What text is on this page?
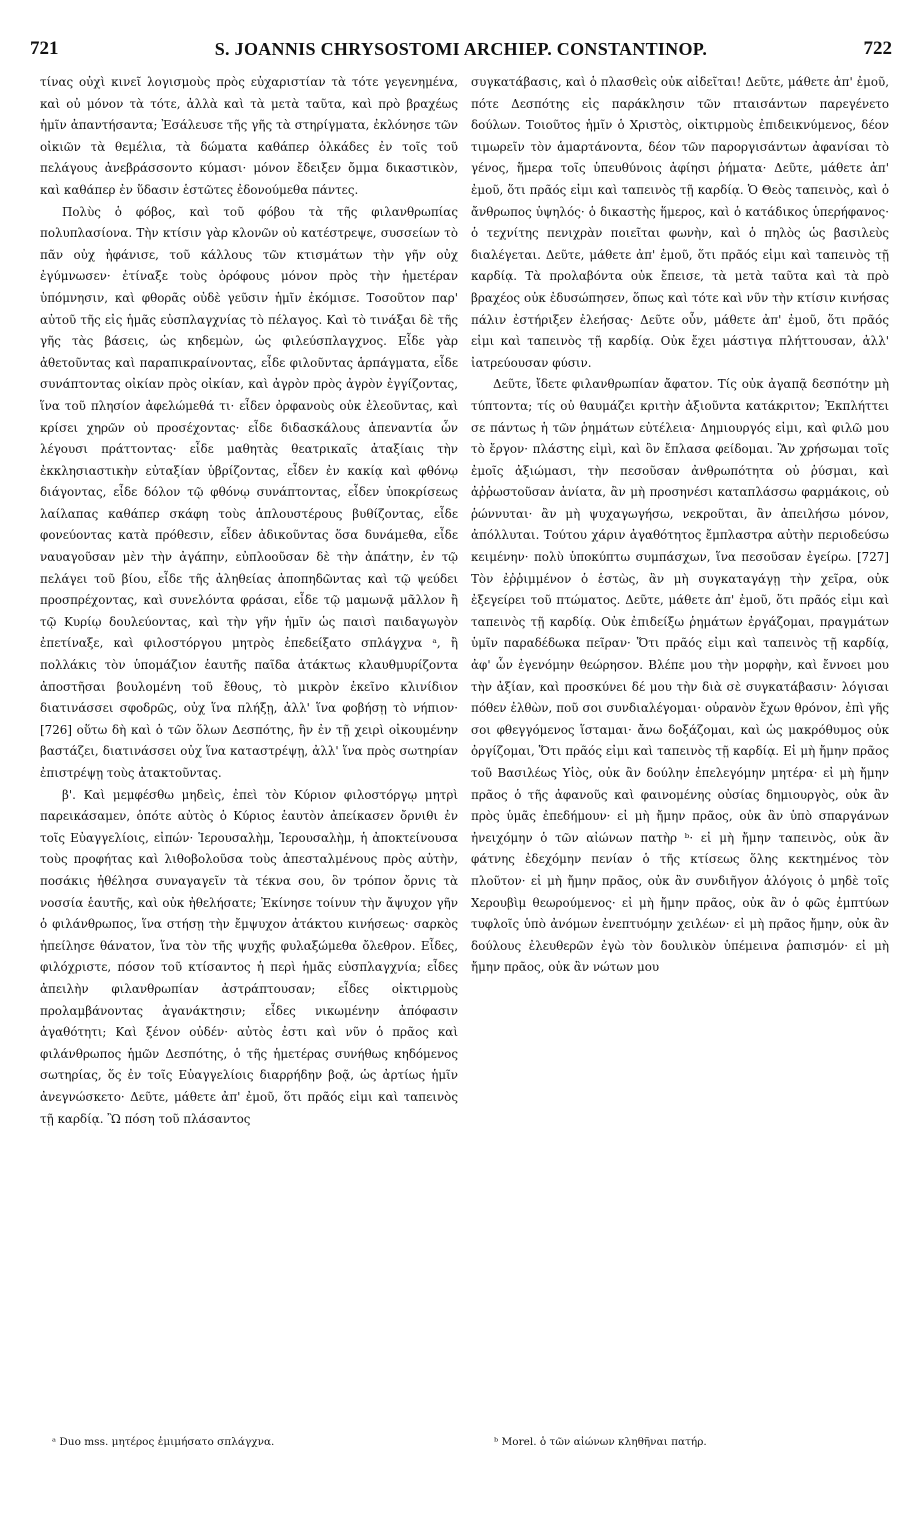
721	S. JOANNIS CHRYSOSTOMI ARCHIEP. CONSTANTINOP.	722

τίνας οὐχὶ κινεῖ λογισμοὺς πρὸς εὐχαριστίαν τὰ τότε γεγενημένα, καὶ οὐ μόνον τὰ τότε, ἀλλὰ καὶ τὰ μετὰ ταῦτα, καὶ πρὸ βραχέως ἡμῖν ἀπαντήσαντα; Ἐσάλευσε τῆς γῆς τὰ στηρίγματα, ἐκλόνησε τῶν οἰκιῶν τὰ θεμέλια, τὰ δώματα καθάπερ ὁλκάδες ἐν τοῖς τοῦ πελάγους ἀνεβράσσοντο κύμασι· μόνον ἔδειξεν ὄμμα δικαστικὸν, καὶ καθάπερ ἐν ὕδασιν ἑστῶτες ἐδονούμεθα πάντες.

Πολὺς ὁ φόβος, καὶ τοῦ φόβου τὰ τῆς φιλανθρωπίας πολυπλασίονα. Τὴν κτίσιν γὰρ κλονῶν οὐ κατέστρεψε, συσσείων τὸ πᾶν οὐχ ἠφάνισε, τοῦ κάλλους τῶν κτισμάτων τὴν γῆν οὐχ ἐγύμνωσεν· ἐτίναξε τοὺς ὀρόφους μόνον πρὸς τὴν ἡμετέραν ὑπόμνησιν, καὶ φθορᾶς οὐδὲ γεῦσιν ἡμῖν ἐκόμισε. Τοσοῦτον παρ' αὐτοῦ τῆς εἰς ἡμᾶς εὐσπλαγχνίας τὸ πέλαγος. Καὶ τὸ τινάξαι δὲ τῆς γῆς τὰς βάσεις, ὡς κηδεμὼν, ὡς φιλεύσπλαγχνος. Εἶδε γὰρ ἀθετοῦντας καὶ παραπικραίνοντας, εἶδε φιλοῦντας ἁρπάγματα, εἶδε συνάπτοντας οἰκίαν πρὸς οἰκίαν, καὶ ἀγρὸν πρὸς ἀγρὸν ἐγγίζοντας, ἵνα τοῦ πλησίον ἀφελώμεθά τι· εἶδεν ὀρφανοὺς οὐκ ἐλεοῦντας, καὶ κρίσει χηρῶν οὐ προσέχοντας· εἶδε διδασκάλους ἀπεναντία ὧν λέγουσι πράττοντας· εἶδε μαθητὰς θεατρικαῖς ἀταξίαις τὴν ἐκκλησιαστικὴν εὐταξίαν ὑβρίζοντας, εἶδεν ἐν κακίᾳ καὶ φθόνῳ διάγοντας, εἶδε δόλον τῷ φθόνῳ συνάπτοντας, εἶδεν ὑποκρίσεως λαίλαπας καθάπερ σκάφη τοὺς ἁπλουστέρους βυθίζοντας, εἶδε φονεύοντας κατὰ πρόθεσιν, εἶδεν ἀδικοῦντας ὅσα δυνάμεθα, εἶδε ναυαγοῦσαν μὲν τὴν ἀγάπην, εὐπλοοῦσαν δὲ τὴν ἀπάτην, ἐν τῷ πελάγει τοῦ βίου, εἶδε τῆς ἀληθείας ἀποπηδῶντας καὶ τῷ ψεύδει προσπρέχοντας, καὶ συνελόντα φράσαι, εἶδε τῷ μαμωνᾷ μᾶλλον ἢ τῷ Κυρίῳ δουλεύοντας, καὶ τὴν γῆν ἡμῖν ὡς παισὶ παιδαγωγὸν ἐπετίναξε, καὶ φιλοστόργου μητρὸς ἐπεδείξατο σπλάγχνα ᵃ, ἢ πολλάκις τὸν ὑπομάζιον ἑαυτῆς παῖδα ἀτάκτως κλαυθμυρίζοντα ἀποστῆσαι βουλομένη τοῦ ἔθους, τὸ μικρὸν ἐκεῖνο κλινίδιον διατινάσσει σφοδρῶς, οὐχ ἵνα πλήξῃ, ἀλλ' ἵνα φοβήσῃ τὸ νήπιον· [726] οὕτω δὴ καὶ ὁ τῶν ὅλων Δεσπότης, ἣν ἐν τῇ χειρὶ οἰκουμένην βαστάζει, διατινάσσει οὐχ ἵνα καταστρέψῃ, ἀλλ' ἵνα πρὸς σωτηρίαν ἐπιστρέψῃ τοὺς ἀτακτοῦντας.

β'. Καὶ μεμφέσθω μηδεὶς, ἐπεὶ τὸν Κύριον φιλοστόργῳ μητρὶ παρεικάσαμεν, ὁπότε αὐτὸς ὁ Κύριος ἑαυτὸν ἀπείκασεν ὄρνιθι ἐν τοῖς Εὐαγγελίοις, εἰπών· Ἱερουσαλὴμ, Ἱερουσαλὴμ, ἡ ἀποκτείνουσα τοὺς προφήτας καὶ λιθοβολοῦσα τοὺς ἀπεσταλμένους πρὸς αὐτὴν, ποσάκις ἠθέλησα συναγαγεῖν τὰ τέκνα σου, ὃν τρόπον ὄρνις τὰ νοσσία ἑαυτῆς, καὶ οὐκ ἠθελήσατε; Ἐκίνησε τοίνυν τὴν ἄψυχον γῆν ὁ φιλάνθρωπος, ἵνα στήσῃ τὴν ἔμψυχον ἀτάκτου κινήσεως· σαρκὸς ἠπείλησε θάνατον, ἵνα τὸν τῆς ψυχῆς φυλαξώμεθα ὄλεθρον. Εἶδες, φιλόχριστε, πόσον τοῦ κτίσαντος ἡ περὶ ἡμᾶς εὐσπλαγχνία; εἶδες ἀπειλὴν φιλανθρωπίαν ἀστράπτουσαν; εἶδες οἰκτιρμοὺς προλαμβάνοντας ἀγανάκτησιν; εἶδες νικωμένην ἀπόφασιν ἀγαθότητι; Καὶ ξένον οὐδέν· αὐτὸς ἐστι καὶ νῦν ὁ πρᾶος καὶ φιλάνθρωπος ἡμῶν Δεσπότης, ὁ τῆς ἡμετέρας συνήθως κηδόμενος σωτηρίας, ὅς ἐν τοῖς Εὐαγγελίοις διαρρήδην βοᾷ, ὡς ἀρτίως ἡμῖν ἀνεγνώσκετο· Δεῦτε, μάθετε ἀπ' ἐμοῦ, ὅτι πρᾶός εἰμι καὶ ταπεινὸς τῇ καρδίᾳ. Ὢ πόση τοῦ πλάσαντος

συγκατάβασις, καὶ ὁ πλασθεὶς οὐκ αἰδεῖται! Δεῦτε, μάθετε ἀπ' ἐμοῦ, πότε Δεσπότης εἰς παράκλησιν τῶν πταισάντων παρεγένετο δούλων. Τοιοῦτος ἡμῖν ὁ Χριστὸς, οἰκτιρμοὺς ἐπιδεικνύμενος, δέον τιμωρεῖν τὸν ἁμαρτάνοντα, δέον τῶν παροργισάντων ἀφανίσαι τὸ γένος, ἥμερα τοῖς ὑπευθύνοις ἀφίησι ῥήματα· Δεῦτε, μάθετε ἀπ' ἐμοῦ, ὅτι πρᾶός εἰμι καὶ ταπεινὸς τῇ καρδίᾳ. Ὁ Θεὸς ταπεινὸς, καὶ ὁ ἄνθρωπος ὑψηλός· ὁ δικαστὴς ἥμερος, καὶ ὁ κατάδικος ὑπερήφανος· ὁ τεχνίτης πενιχρὰν ποιεῖται φωνὴν, καὶ ὁ πηλὸς ὡς βασιλεὺς διαλέγεται. Δεῦτε, μάθετε ἀπ' ἐμοῦ, ὅτι πρᾶός εἰμι καὶ ταπεινὸς τῇ καρδίᾳ. Τὰ προλαβόντα οὐκ ἔπεισε, τὰ μετὰ ταῦτα καὶ τὰ πρὸ βραχέος οὐκ ἐδυσώπησεν, ὅπως καὶ τότε καὶ νῦν τὴν κτίσιν κινήσας πάλιν ἐστήριξεν ἐλεήσας· Δεῦτε οὖν, μάθετε ἀπ' ἐμοῦ, ὅτι πρᾶός εἰμι καὶ ταπεινὸς τῇ καρδίᾳ. Οὐκ ἔχει μάστιγα πλήττουσαν, ἀλλ' ἰατρεύουσαν φύσιν.

Δεῦτε, ἴδετε φιλανθρωπίαν ἄφατον. Τίς οὐκ ἀγαπᾷ δεσπότην μὴ τύπτοντα; τίς οὐ θαυμάζει κριτὴν ἀξιοῦντα κατάκριτον; Ἐκπλήττει σε πάντως ἡ τῶν ῥημάτων εὐτέλεια· Δημιουργός εἰμι, καὶ φιλῶ μου τὸ ἔργον· πλάστης εἰμὶ, καὶ ὃν ἔπλασα φείδομαι. Ἂν χρήσωμαι τοῖς ἐμοῖς ἀξιώμασι, τὴν πεσοῦσαν ἀνθρωπότητα οὐ ῥύσμαι, καὶ ἀῤῥωστοῦσαν ἀνίατα, ἂν μὴ προσηνέσι καταπλάσσω φαρμάκοις, οὐ ῥώννυται· ἂν μὴ ψυχαγωγήσω, νεκροῦται, ἂν ἀπειλήσω μόνον, ἀπόλλυται. Τούτου χάριν ἀγαθότητος ἔμπλαστρα αὐτὴν περιοδεύσω κειμένην· πολὺ ὑποκύπτω συμπάσχων, ἵνα πεσοῦσαν ἐγείρω. [727] Τὸν ἐῤῥιμμένον ὁ ἑστὼς, ἂν μὴ συγκαταγάγῃ τὴν χεῖρα, οὐκ ἐξεγείρει τοῦ πτώματος. Δεῦτε, μάθετε ἀπ' ἐμοῦ, ὅτι πρᾶός εἰμι καὶ ταπεινὸς τῇ καρδίᾳ. Οὐκ ἐπιδείξω ῥημάτων ἐργάζομαι, πραγμάτων ὑμῖν παραδέδωκα πεῖραν· Ὅτι πρᾶός εἰμι καὶ ταπεινὸς τῇ καρδίᾳ, ἀφ' ὧν ἐγενόμην θεώρησον. Βλέπε μου τὴν μορφὴν, καὶ ἔννοει μου τὴν ἀξίαν, καὶ προσκύνει δέ μου τὴν διὰ σὲ συγκατάβασιν· λόγισαι πόθεν ἐλθὼν, ποῦ σοι συνδιαλέγομαι· οὐρανὸν ἔχων θρόνον, ἐπὶ γῆς σοι φθεγγόμενος ἵσταμαι· ἄνω δοξάζομαι, καὶ ὡς μακρόθυμος οὐκ ὀργίζομαι, Ὅτι πρᾶός εἰμι καὶ ταπεινὸς τῇ καρδίᾳ. Εἰ μὴ ἤμην πρᾶος τοῦ Βασιλέως Υἱὸς, οὐκ ἂν δούλην ἐπελεγόμην μητέρα· εἰ μὴ ἤμην πρᾶος ὁ τῆς ἀφανοῦς καὶ φαινομένης οὐσίας δημιουργὸς, οὐκ ἂν πρὸς ὑμᾶς ἐπεδήμουν· εἰ μὴ ἤμην πρᾶος, οὐκ ἂν ὑπὸ σπαργάνων ἠνειχόμην ὁ τῶν αἰώνων πατὴρ ᵇ· εἰ μὴ ἤμην ταπεινὸς, οὐκ ἂν φάτνης ἐδεχόμην πενίαν ὁ τῆς κτίσεως ὅλης κεκτημένος τὸν πλοῦτον· εἰ μὴ ἤμην πρᾶος, οὐκ ἂν συνδιῆγον ἀλόγοις ὁ μηδὲ τοῖς Χερουβὶμ θεωρούμενος· εἰ μὴ ἤμην πρᾶος, οὐκ ἂν ὁ φῶς ἐμπτύων τυφλοῖς ὑπὸ ἀνόμων ἐνεπτυόμην χειλέων· εἰ μὴ πρᾶος ἤμην, οὐκ ἂν δούλους ἐλευθερῶν ἐγὼ τὸν δουλικὸν ὑπέμεινα ῥαπισμόν· εἰ μὴ ἤμην πρᾶος, οὐκ ἂν νώτων μου

ᵃ Duo mss. μητέρος ἐμιμήσατο σπλάγχνα.	ᵇ Morel. ὁ τῶν αἰώνων κληθῆναι πατήρ.
